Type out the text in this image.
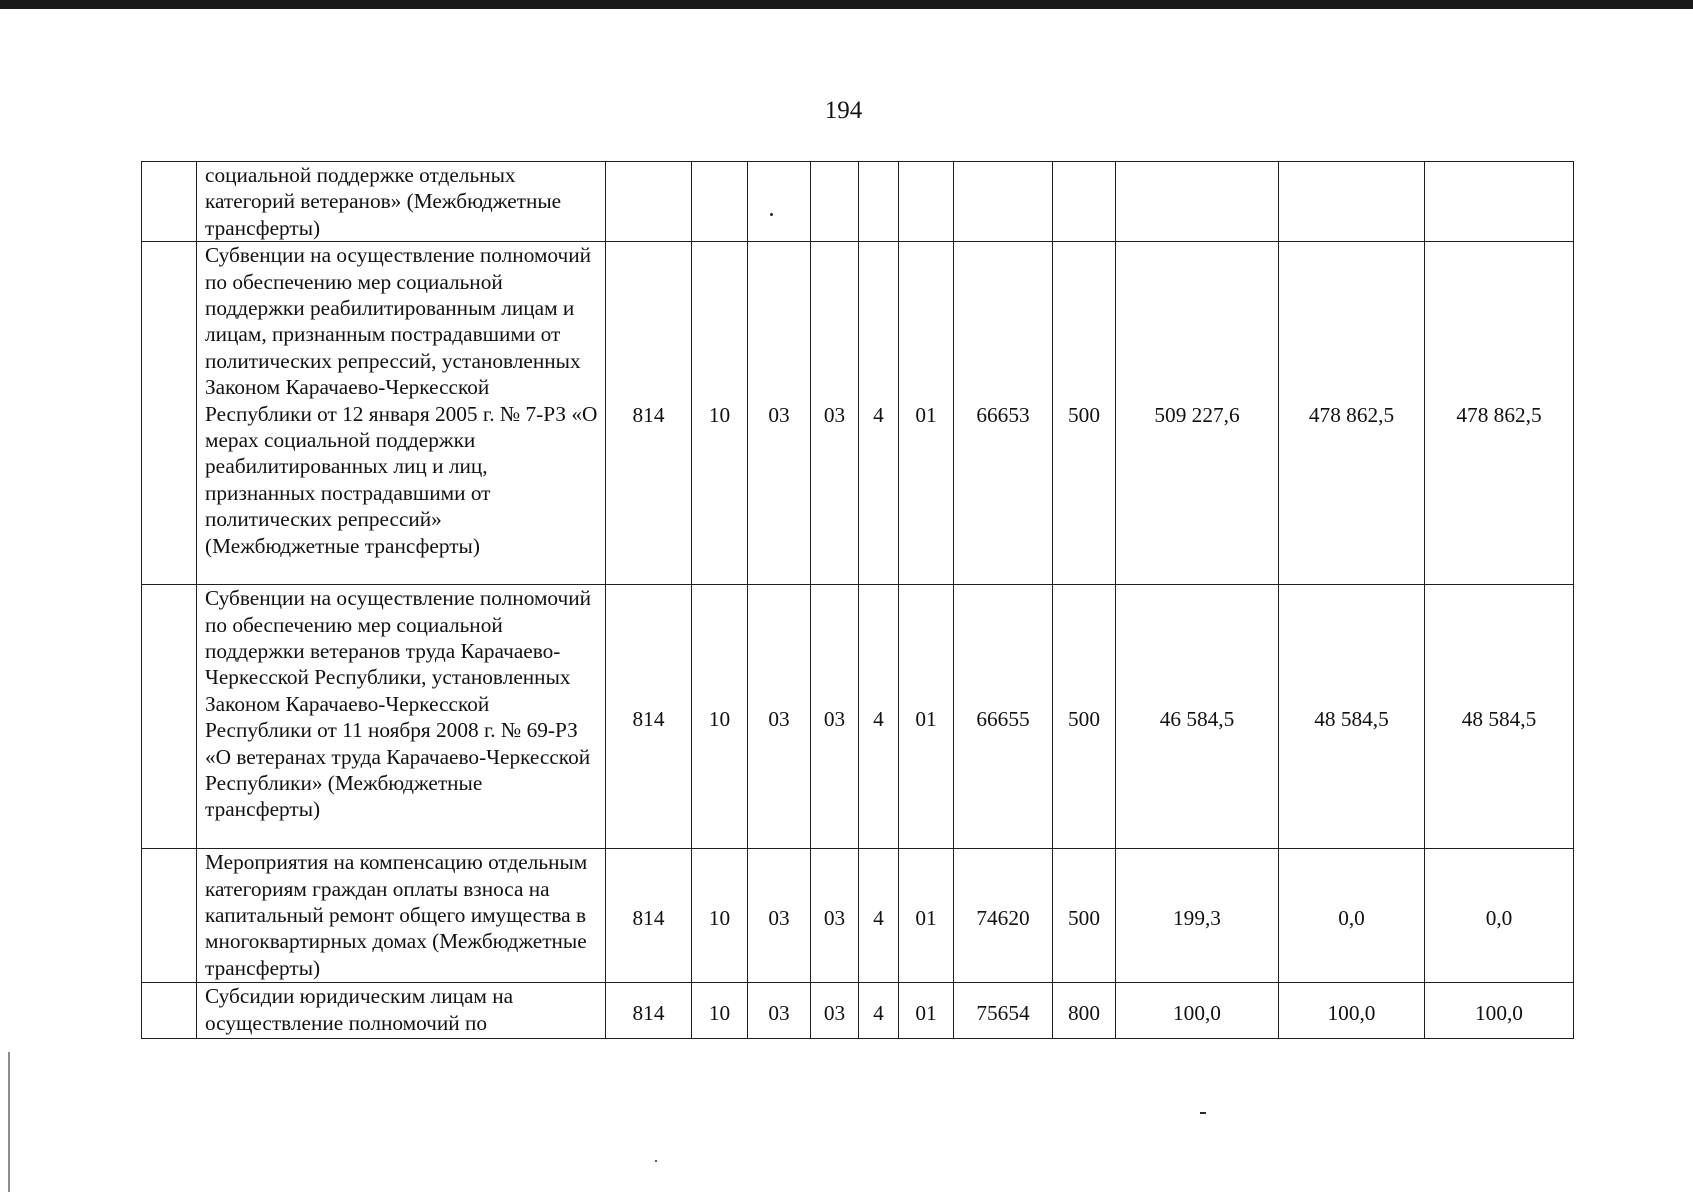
194
	социальной поддержке отдельных категорий ветеранов» (Межбюджетные трансферты)											
	Субвенции на осуществление полномочий по обеспечению мер социальной поддержки реабилитированным лицам и лицам, признанным пострадавшими от политических репрессий, установленных Законом Карачаево-Черкесской Республики от 12 января 2005 г. № 7-РЗ «О мерах социальной поддержки реабилитированных лиц и лиц, признанных пострадавшими от политических репрессий» (Межбюджетные трансферты)	814	10	03	03	4	01	66653	500	509 227,6	478 862,5	478 862,5
	Субвенции на осуществление полномочий по обеспечению мер социальной поддержки ветеранов труда Карачаево-Черкесской Республики, установленных Законом Карачаево-Черкесской Республики от 11 ноября 2008 г. № 69-РЗ «О ветеранах труда Карачаево-Черкесской Республики» (Межбюджетные трансферты)	814	10	03	03	4	01	66655	500	46 584,5	48 584,5	48 584,5
	Мероприятия на компенсацию отдельным категориям граждан оплаты взноса на капитальный ремонт общего имущества в многоквартирных домах (Межбюджетные трансферты)	814	10	03	03	4	01	74620	500	199,3	0,0	0,0
	Субсидии юридическим лицам на осуществление полномочий по	814	10	03	03	4	01	75654	800	100,0	100,0	100,0
